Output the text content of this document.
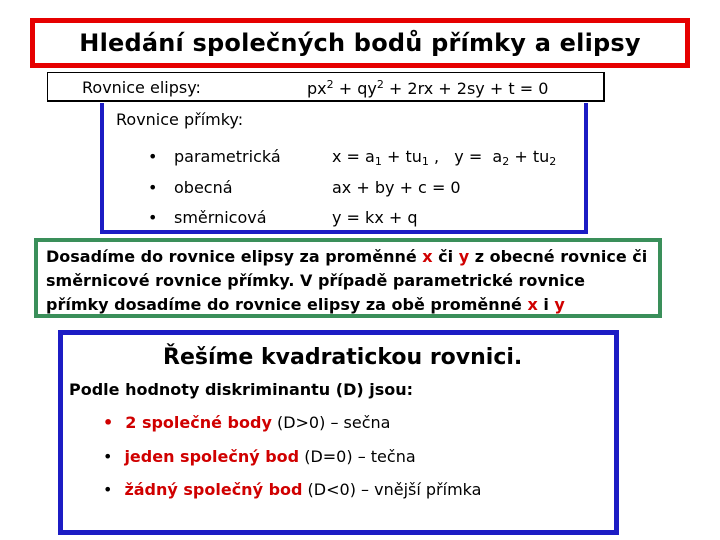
Hledání společných bodů přímky a elipsy
Rovnice elipsy:	$px^2 + qy^2 + 2rx + 2sy + t = 0$
Rovnice přímky:
• parametrická	$x = a_1 + tu_1$ ,   $y = a_2 + tu_2$
• obecná	ax + by + c = 0
• směrnicová	y = kx + q
Dosadíme do rovnice elipsy za proměnné x či y z obecné rovnice či směrnicové rovnice přímky. V případě parametrické rovnice přímky dosadíme do rovnice elipsy za obě proměnné x i y
Řešíme kvadratickou rovnici.
Podle hodnoty diskriminantu (D) jsou:
• 2 společné body (D>0) – sečna
• jeden společný bod (D=0) – tečna
• žádný společný bod (D<0) – vnější přímka
